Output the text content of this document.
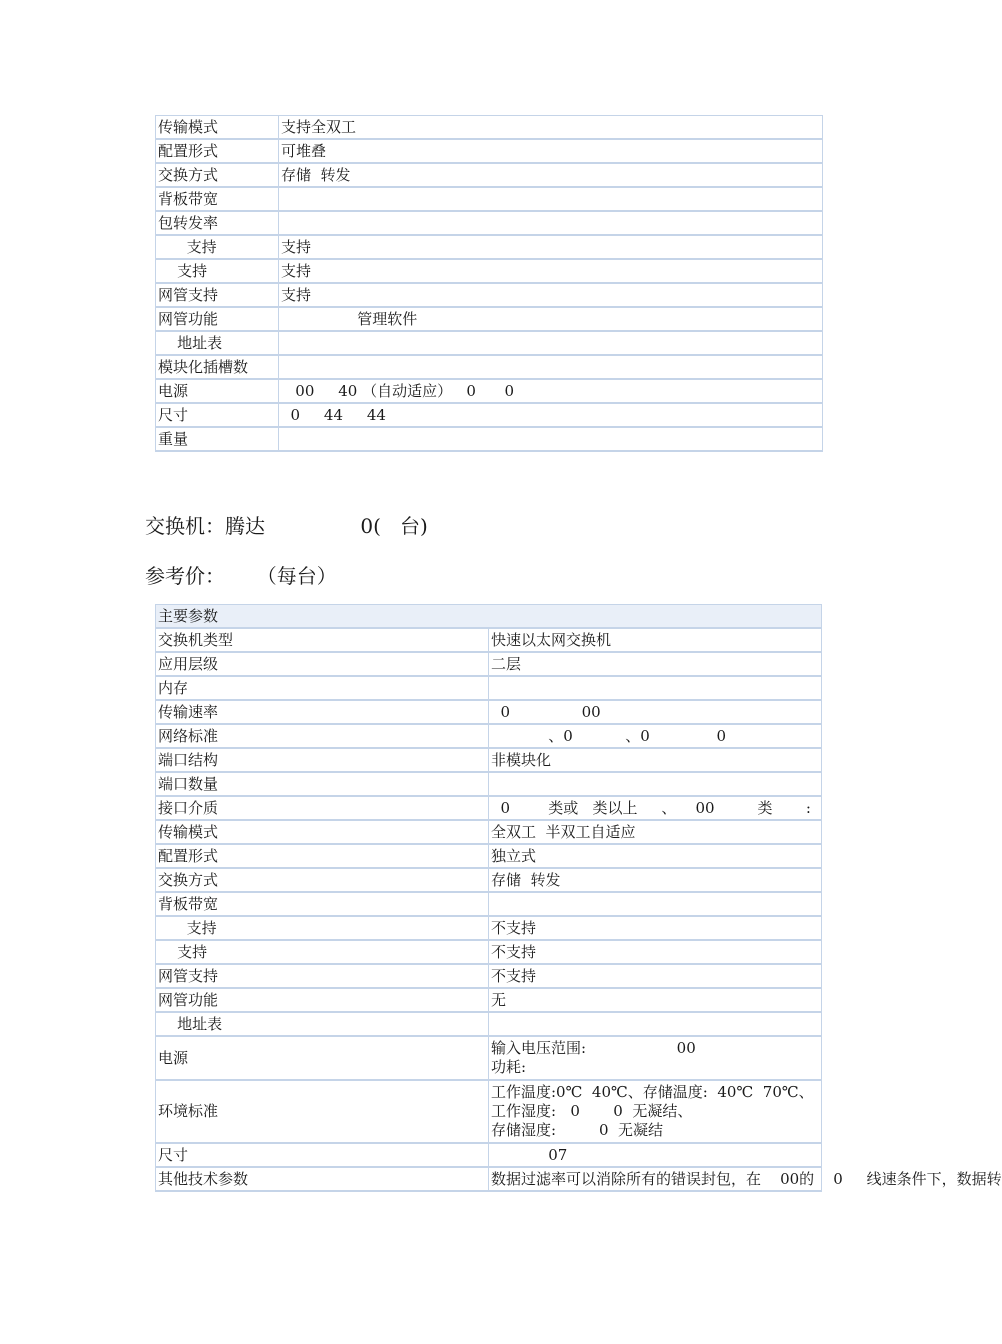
传输模式	支持全双工
配置形式	可堆叠
交换方式	存储  转发
背板带宽	
包转发率	
支持	支持
支持	支持
网管支持	支持
网管功能	管理软件
地址表	
模块化插槽数	
电源	00     40 （自动适应）   0      0
尺寸	0     44     44
重量	
交换机：腾达               0(   台)
参考价：     （每台）
主要参数	
交换机类型	快速以太网交换机
应用层级	二层
内存	
传输速率	0               00
网络标准	、0           、0              0
端口结构	非模块化
端口数量	
接口介质	0        类或   类以上     、    00         类       :
传输模式	全双工  半双工自适应
配置形式	独立式
交换方式	存储  转发
背板带宽	
支持	不支持
支持	不支持
网管支持	不支持
网管功能	无
地址表	
电源	输入电压范围:                   00
功耗:
环境标准	工作温度:0℃  40℃、存储温度:  40℃  70℃、工作湿度:   0       0  无凝结、
存储湿度:         0  无凝结
尺寸	07
其他技术参数	数据过滤率可以消除所有的错误封包，在    00的    0     线速条件下，数据转
